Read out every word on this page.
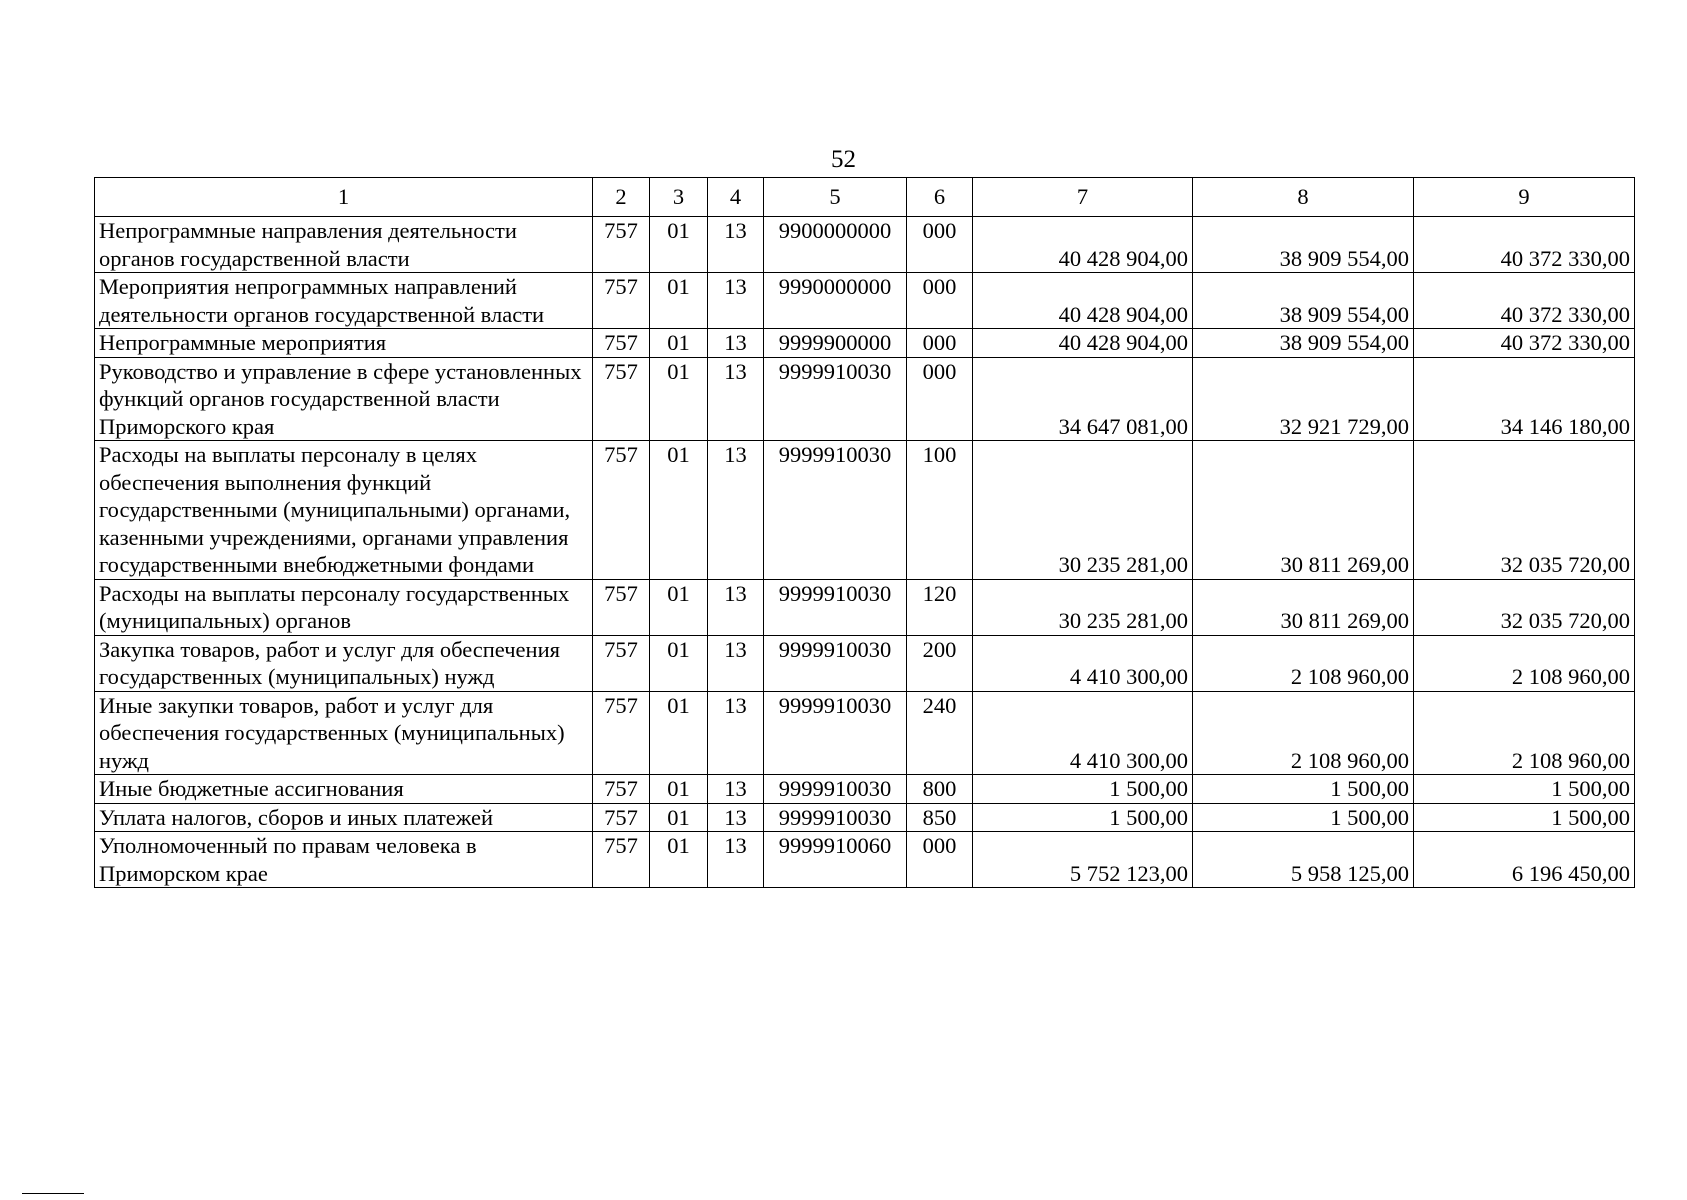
52
1	2	3	4	5	6	7	8	9
Непрограммные направления деятельности органов государственной власти	757	01	13	9900000000	000	40 428 904,00	38 909 554,00	40 372 330,00
Мероприятия непрограммных направлений деятельности органов государственной власти	757	01	13	9990000000	000	40 428 904,00	38 909 554,00	40 372 330,00
Непрограммные мероприятия	757	01	13	9999900000	000	40 428 904,00	38 909 554,00	40 372 330,00
Руководство и управление в сфере установленных функций органов государственной власти Приморского края	757	01	13	9999910030	000	34 647 081,00	32 921 729,00	34 146 180,00
Расходы на выплаты персоналу в целях обеспечения выполнения функций государственными (муниципальными) органами, казенными учреждениями, органами управления государственными внебюджетными фондами	757	01	13	9999910030	100	30 235 281,00	30 811 269,00	32 035 720,00
Расходы на выплаты персоналу государственных (муниципальных) органов	757	01	13	9999910030	120	30 235 281,00	30 811 269,00	32 035 720,00
Закупка товаров, работ и услуг для обеспечения государственных (муниципальных) нужд	757	01	13	9999910030	200	4 410 300,00	2 108 960,00	2 108 960,00
Иные закупки товаров, работ и услуг для обеспечения государственных (муниципальных) нужд	757	01	13	9999910030	240	4 410 300,00	2 108 960,00	2 108 960,00
Иные бюджетные ассигнования	757	01	13	9999910030	800	1 500,00	1 500,00	1 500,00
Уплата налогов, сборов и иных платежей	757	01	13	9999910030	850	1 500,00	1 500,00	1 500,00
Уполномоченный по правам человека в Приморском крае	757	01	13	9999910060	000	5 752 123,00	5 958 125,00	6 196 450,00
